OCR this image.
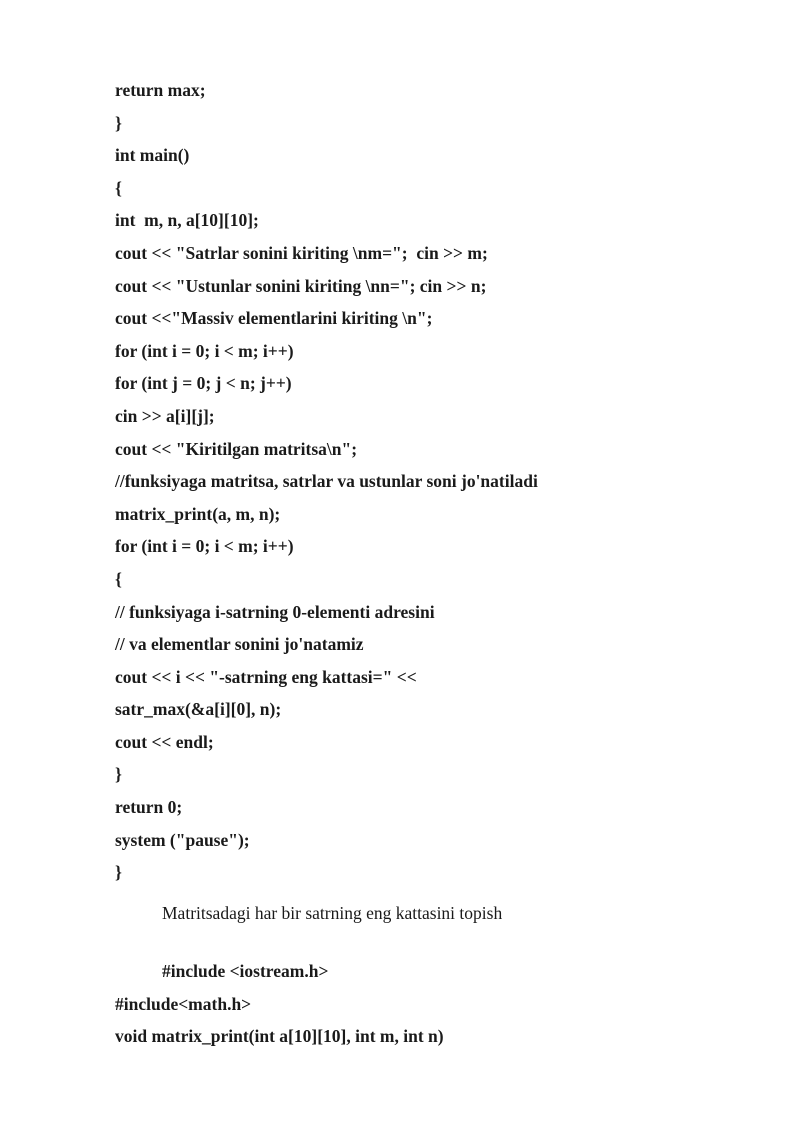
return max;
}
int main()
{
int  m, n, a[10][10];
cout << "Satrlar sonini kiriting \nm=";  cin >> m;
cout << "Ustunlar sonini kiriting \nn="; cin >> n;
cout <<"Massiv elementlarini kiriting \n";
for (int i = 0; i < m; i++)
for (int j = 0; j < n; j++)
cin >> a[i][j];
cout << "Kiritilgan matritsa\n";
//funksiyaga matritsa, satrlar va ustunlar soni jo'natiladi
matrix_print(a, m, n);
for (int i = 0; i < m; i++)
{
// funksiyaga i-satrning 0-elementi adresini
// va elementlar sonini jo'natamiz
cout << i << "-satrning eng kattasi=" <<
satr_max(&a[i][0], n);
cout << endl;
}
return 0;
system ("pause");
}
Matritsadagi har bir satrning eng kattasini topish
#include <iostream.h>
#include<math.h>
void matrix_print(int a[10][10], int m, int n)
